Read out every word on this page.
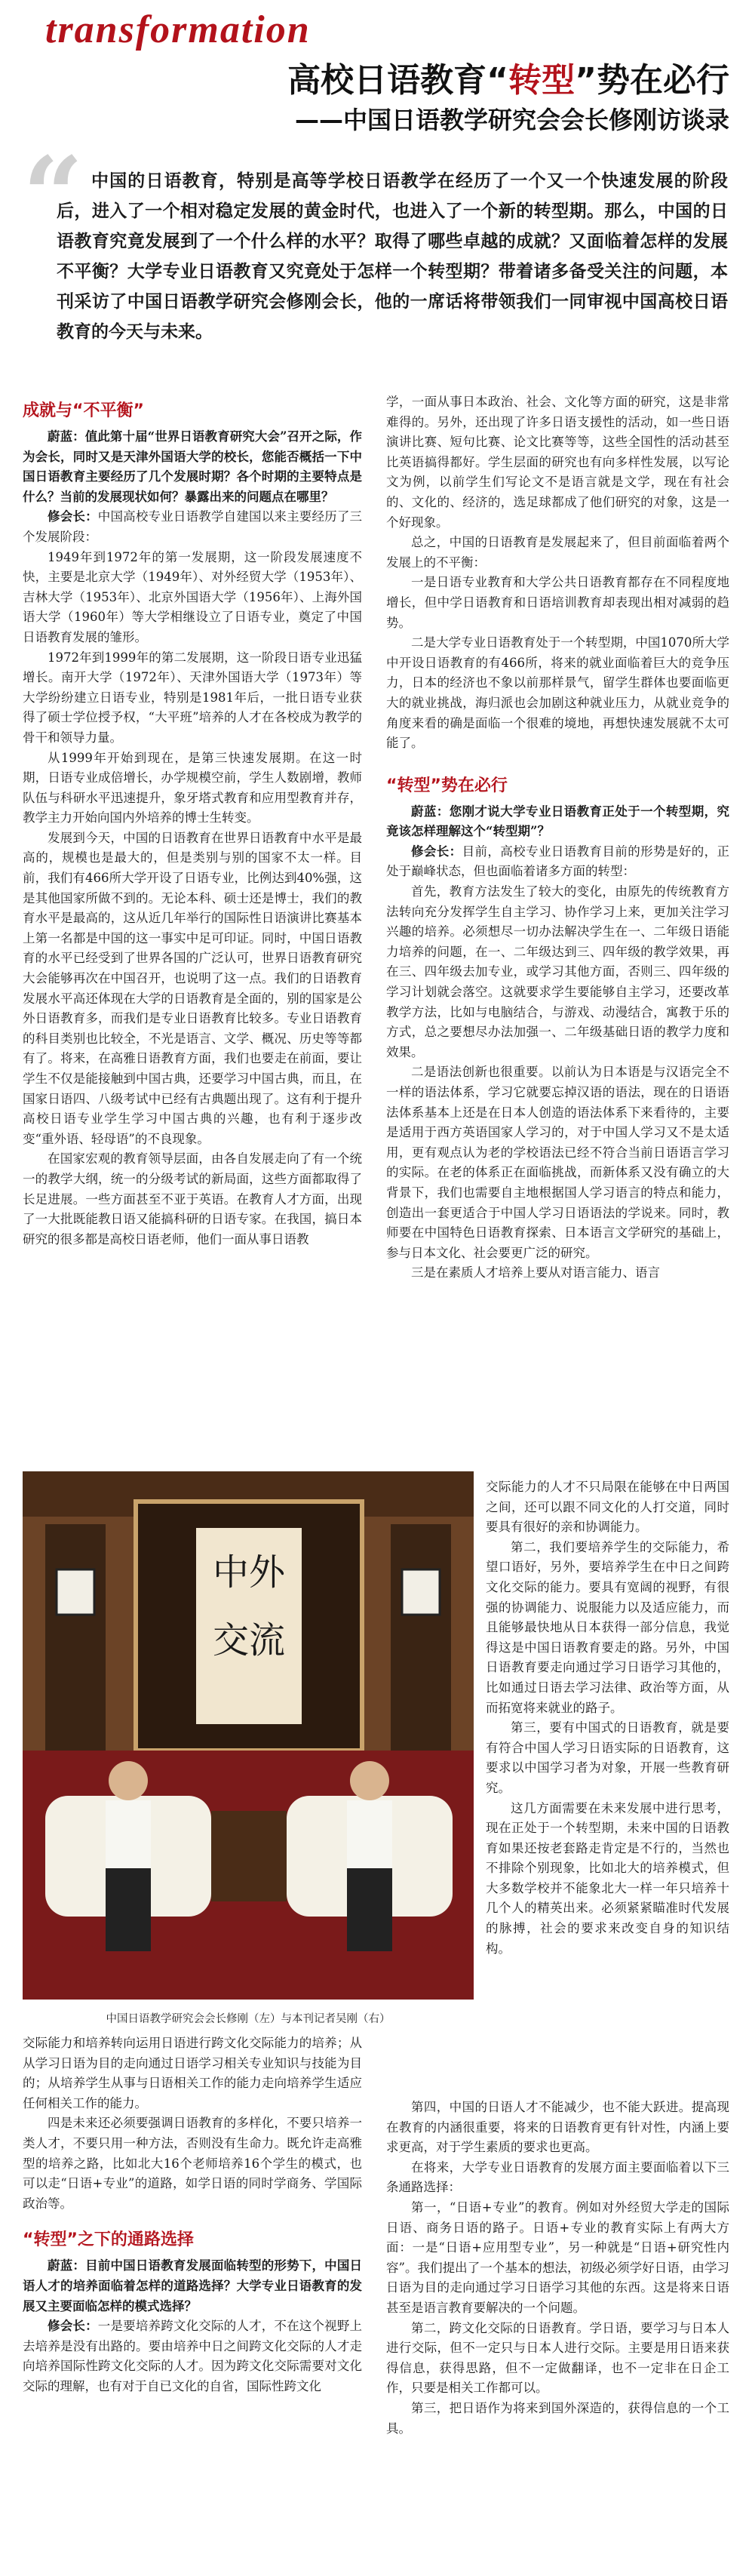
transformation
高校日语教育“转型”势在必行
——中国日语教学研究会会长修刚访谈录
“ 中国的日语教育，特别是高等学校日语教学在经历了一个又一个快速发展的阶段后，进入了一个相对稳定发展的黄金时代，也进入了一个新的转型期。那么，中国的日语教育究竟发展到了一个什么样的水平？取得了哪些卓越的成就？又面临着怎样的发展不平衡？大学专业日语教育又究竟处于怎样一个转型期？带着诸多备受关注的问题，本刊采访了中国日语教学研究会修刚会长，他的一席话将带领我们一同审视中国高校日语教育的今天与未来。

成就与“不平衡”

蔚蓝：值此第十届“世界日语教育研究大会”召开之际，作为会长，同时又是天津外国语大学的校长，您能否概括一下中国日语教育主要经历了几个发展时期？各个时期的主要特点是什么？当前的发展现状如何？暴露出来的问题点在哪里？

修会长：中国高校专业日语教学自建国以来主要经历了三个发展阶段：

1949年到1972年的第一发展期，这一阶段发展速度不快，主要是北京大学（1949年）、对外经贸大学（1953年）、吉林大学（1953年）、北京外国语大学（1956年）、上海外国语大学（1960年）等大学相继设立了日语专业，奠定了中国日语教育发展的雏形。

1972年到1999年的第二发展期，这一阶段日语专业迅猛增长。南开大学（1972年）、天津外国语大学（1973年）等大学纷纷建立日语专业，特别是1981年后，一批日语专业获得了硕士学位授予权，“大平班”培养的人才在各校成为教学的骨干和领导力量。

从1999年开始到现在，是第三快速发展期。在这一时期，日语专业成倍增长，办学规模空前，学生人数剧增，教师队伍与科研水平迅速提升，象牙塔式教育和应用型教育并存，教学主力开始向国内外培养的博士生转变。

发展到今天，中国的日语教育在世界日语教育中水平是最高的，规模也是最大的，但是类别与别的国家不太一样。目前，我们有466所大学开设了日语专业，比例达到40%强，这是其他国家所做不到的。无论本科、硕士还是博士，我们的教育水平是最高的，这从近几年举行的国际性日语演讲比赛基本上第一名都是中国的这一事实中足可印证。同时，中国日语教育的水平已经受到了世界各国的广泛认可，世界日语教育研究大会能够再次在中国召开，也说明了这一点。我们的日语教育发展水平高还体现在大学的日语教育是全面的，别的国家是公外日语教育多，而我们是专业日语教育比较多。专业日语教育的科目类别也比较全，不光是语言、文学、概况、历史等等都有了。将来，在高雅日语教育方面，我们也要走在前面，要让学生不仅是能接触到中国古典，还要学习中国古典，而且，在国家日语四、八级考试中已经有古典题出现了。这有利于提升高校日语专业学生学习中国古典的兴趣，也有利于逐步改变“重外语、轻母语”的不良现象。

在国家宏观的教育领导层面，由各自发展走向了有一个统一的教学大纲，统一的分级考试的新局面，这些方面都取得了长足进展。一些方面甚至不亚于英语。在教育人才方面，出现了一大批既能教日语又能搞科研的日语专家。在我国，搞日本研究的很多都是高校日语老师，他们一面从事日语教

学，一面从事日本政治、社会、文化等方面的研究，这是非常难得的。另外，还出现了许多日语支援性的活动，如一些日语演讲比赛、短句比赛、论文比赛等等，这些全国性的活动甚至比英语搞得都好。学生层面的研究也有向多样性发展，以写论文为例，以前学生们写论文不是语言就是文学，现在有社会的、文化的、经济的，选足球都成了他们研究的对象，这是一个好现象。

总之，中国的日语教育是发展起来了，但目前面临着两个发展上的不平衡：

一是日语专业教育和大学公共日语教育都存在不同程度地增长，但中学日语教育和日语培训教育却表现出相对减弱的趋势。

二是大学专业日语教育处于一个转型期，中国1070所大学中开设日语教育的有466所，将来的就业面临着巨大的竞争压力，日本的经济也不象以前那样景气，留学生群体也要面临更大的就业挑战，海归派也会加剧这种就业压力，从就业竞争的角度来看的确是面临一个很难的境地，再想快速发展就不太可能了。

“转型”势在必行

蔚蓝：您刚才说大学专业日语教育正处于一个转型期，究竟该怎样理解这个“转型期”？

修会长：目前，高校专业日语教育目前的形势是好的，正处于巅峰状态，但也面临着诸多方面的转型：

首先，教育方法发生了较大的变化，由原先的传统教育方法转向充分发挥学生自主学习、协作学习上来，更加关注学习兴趣的培养。必须想尽一切办法解决学生在一、二年级日语能力培养的问题，在一、二年级达到三、四年级的教学效果，再在三、四年级去加专业，或学习其他方面，否则三、四年级的学习计划就会落空。这就要求学生要能够自主学习，还要改革教学方法，比如与电脑结合，与游戏、动漫结合，寓教于乐的方式，总之要想尽办法加强一、二年级基础日语的教学力度和效果。

二是语法创新也很重要。以前认为日本语是与汉语完全不一样的语法体系，学习它就要忘掉汉语的语法，现在的日语语法体系基本上还是在日本人创造的语法体系下来看待的，主要是适用于西方英语国家人学习的，对于中国人学习又不是太适用，更有观点认为老的学校语法已经不符合当前日语语言学习的实际。在老的体系正在面临挑战，而新体系又没有确立的大背景下，我们也需要自主地根据国人学习语言的特点和能力，创造出一套更适合于中国人学习日语语法的学说来。同时，教师要在中国特色日语教育探索、日本语言文学研究的基础上，参与日本文化、社会要更广泛的研究。

三是在素质人才培养上要从对语言能力、语言

中外
交流
中国日语教学研究会会长修刚（左）与本刊记者吴刚（右）

交际能力的人才不只局限在能够在中日两国之间，还可以跟不同文化的人打交道，同时要具有很好的亲和协调能力。

第二，我们要培养学生的交际能力，希望口语好，另外，要培养学生在中日之间跨文化交际的能力。要具有宽阔的视野，有很强的协调能力、说服能力以及适应能力，而且能够最快地从日本获得一部分信息，我觉得这是中国日语教育要走的路。另外，中国日语教育要走向通过学习日语学习其他的，比如通过日语去学习法律、政治等方面，从而拓宽将来就业的路子。

第三，要有中国式的日语教育，就是要有符合中国人学习日语实际的日语教育，这要求以中国学习者为对象，开展一些教育研究。

这几方面需要在未来发展中进行思考，现在正处于一个转型期，未来中国的日语教育如果还按老套路走肯定是不行的，当然也不排除个别现象，比如北大的培养模式，但大多数学校并不能象北大一样一年只培养十几个人的精英出来。必须紧紧瞄准时代发展的脉搏，社会的要求来改变自身的知识结构。

交际能力和培养转向运用日语进行跨文化交际能力的培养；从从学习日语为目的走向通过日语学习相关专业知识与技能为目的；从培养学生从事与日语相关工作的能力走向培养学生适应任何相关工作的能力。

四是未来还必须要强调日语教育的多样化，不要只培养一类人才，不要只用一种方法，否则没有生命力。既允许走高雅型的培养之路，比如北大16个老师培养16个学生的模式，也可以走“日语+专业”的道路，如学日语的同时学商务、学国际政治等。

“转型”之下的通路选择

蔚蓝：目前中国日语教育发展面临转型的形势下，中国日语人才的培养面临着怎样的道路选择？大学专业日语教育的发展又主要面临怎样的模式选择？

修会长：一是要培养跨文化交际的人才，不在这个视野上去培养是没有出路的。要由培养中日之间跨文化交际的人才走向培养国际性跨文化交际的人才。因为跨文化交际需要对文化交际的理解，也有对于自已文化的自省，国际性跨文化

第四，中国的日语人才不能减少，也不能大跃进。提高现在教育的内涵很重要，将来的日语教育更有针对性，内涵上要求更高，对于学生素质的要求也更高。

在将来，大学专业日语教育的发展方面主要面临着以下三条通路选择：

第一，“日语+专业”的教育。例如对外经贸大学走的国际日语、商务日语的路子。日语+专业的教育实际上有两大方面：一是“日语+应用型专业”，另一种就是“日语+研究性内容”。我们提出了一个基本的想法，初级必须学好日语，由学习日语为目的走向通过学习日语学习其他的东西。这是将来日语甚至是语言教育要解决的一个问题。

第二，跨文化交际的日语教育。学日语，要学习与日本人进行交际，但不一定只与日本人进行交际。主要是用日语来获得信息，获得思路，但不一定做翻译，也不一定非在日企工作，只要是相关工作都可以。

第三，把日语作为将来到国外深造的，获得信息的一个工具。
